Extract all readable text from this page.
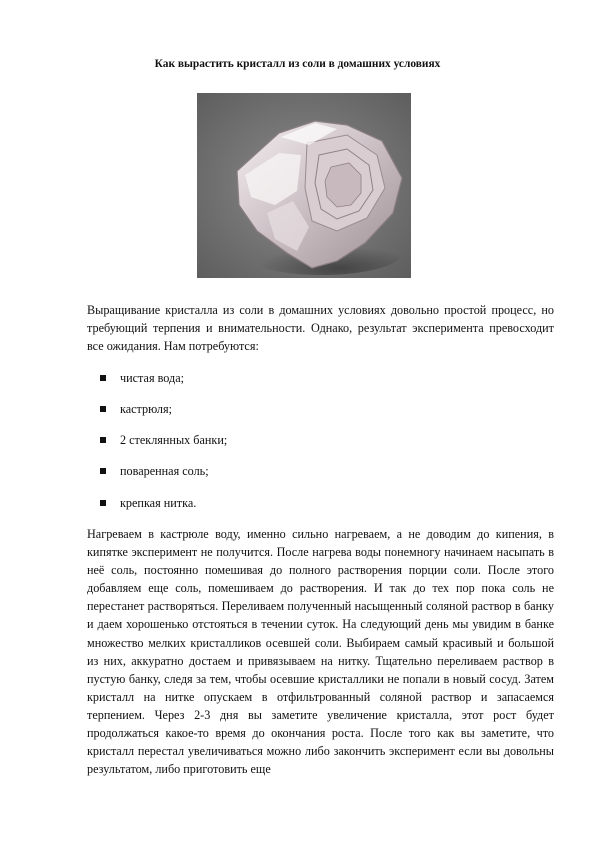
Как вырастить кристалл из соли в домашних условиях
Выращивание кристалла из соли в домашних условиях довольно простой процесс, но требующий терпения и внимательности. Однако, результат эксперимента превосходит все ожидания. Нам потребуются:
чистая вода;
кастрюля;
2 стеклянных банки;
поваренная соль;
крепкая нитка.
Нагреваем в кастрюле воду, именно сильно нагреваем, а не доводим до кипения, в кипятке эксперимент не получится. После нагрева воды понемногу начинаем насыпать в неё соль, постоянно помешивая до полного растворения порции соли. После этого добавляем еще соль, помешиваем до растворения. И так до тех пор пока соль не перестанет растворяться. Переливаем полученный насыщенный соляной раствор в банку и даем хорошенько отстояться в течении суток. На следующий день мы увидим в банке множество мелких кристалликов осевшей соли. Выбираем самый красивый и большой из них, аккуратно достаем и привязываем на нитку. Тщательно переливаем раствор в пустую банку, следя за тем, чтобы осевшие кристаллики не попали в новый сосуд. Затем кристалл на нитке опускаем в отфильтрованный соляной раствор и запасаемся терпением. Через 2-3 дня вы заметите увеличение кристалла, этот рост будет продолжаться какое-то время до окончания роста. После того как вы заметите, что кристалл перестал увеличиваться можно либо закончить эксперимент если вы довольны результатом, либо приготовить еще
